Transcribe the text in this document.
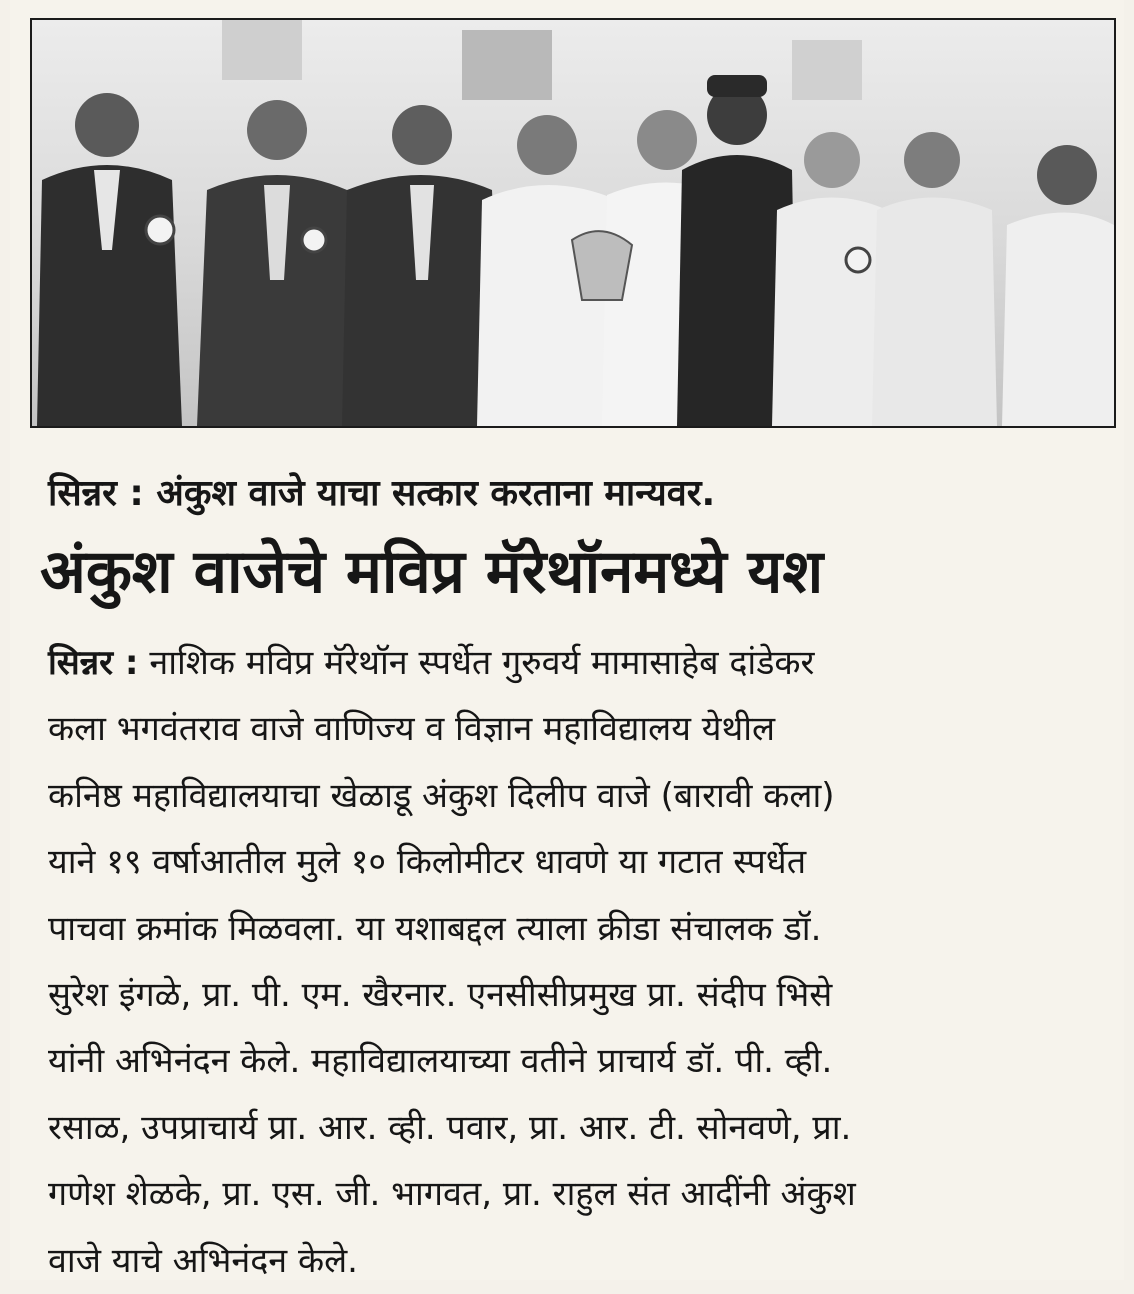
सिन्नर : अंकुश वाजे याचा सत्कार करताना मान्यवर.
अंकुश वाजेचे मविप्र मॅरेथॉनमध्ये यश
सिन्नर : नाशिक मविप्र मॅरेथॉन स्पर्धेत गुरुवर्य मामासाहेब दांडेकर
कला भगवंतराव वाजे वाणिज्य व विज्ञान महाविद्यालय येथील
कनिष्ठ महाविद्यालयाचा खेळाडू अंकुश दिलीप वाजे (बारावी कला)
याने १९ वर्षाआतील मुले १० किलोमीटर धावणे या गटात स्पर्धेत
पाचवा क्रमांक मिळवला. या यशाबद्दल त्याला क्रीडा संचालक डॉ.
सुरेश इंगळे, प्रा. पी. एम. खैरनार. एनसीसीप्रमुख प्रा. संदीप भिसे
यांनी अभिनंदन केले. महाविद्यालयाच्या वतीने प्राचार्य डॉ. पी. व्ही.
रसाळ, उपप्राचार्य प्रा. आर. व्ही. पवार, प्रा. आर. टी. सोनवणे, प्रा.
गणेश शेळके, प्रा. एस. जी. भागवत, प्रा. राहुल संत आदींनी अंकुश
वाजे याचे अभिनंदन केले.
